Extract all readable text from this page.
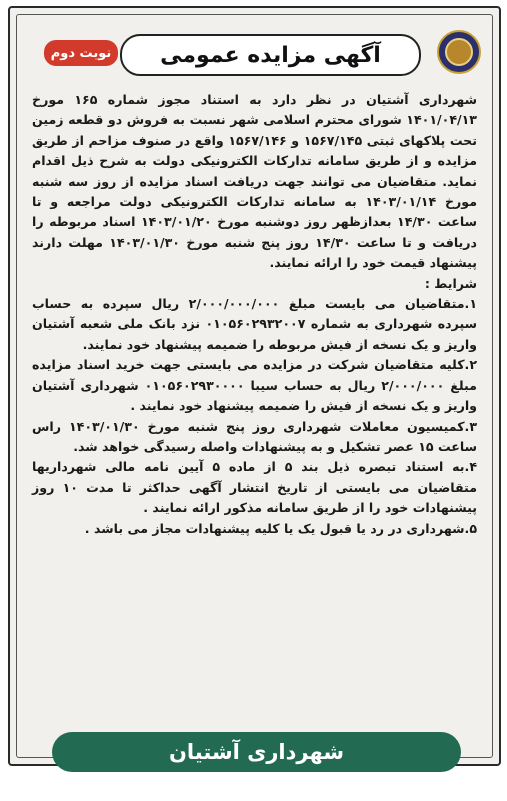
نوبت دوم	آگهی مزایده عمومی

شهرداری آشتیان در نظر دارد به استناد مجوز شماره ۱۶۵ مورخ ۱۴۰۱/۰۴/۱۳ شورای محترم اسلامی شهر نسبت به فروش دو قطعه زمین تحت پلاکهای ثبتی ۱۵۶۷/۱۴۵ و ۱۵۶۷/۱۴۶ واقع در صنوف مزاحم از طریق مزایده و از طریق سامانه تدارکات الکترونیکی دولت به شرح ذیل اقدام نماید. متقاضیان می توانند جهت دریافت اسناد مزایده از روز سه شنبه مورخ ۱۴۰۳/۰۱/۱۴ به سامانه تدارکات الکترونیکی دولت مراجعه و تا ساعت ۱۴/۳۰ بعدازظهر روز دوشنبه مورخ ۱۴۰۳/۰۱/۲۰ اسناد مربوطه را دریافت و تا ساعت ۱۴/۳۰ روز پنج شنبه مورخ ۱۴۰۳/۰۱/۳۰ مهلت دارند پیشنهاد قیمت خود را ارائه نمایند.

شرایط :

۱.متقاضیان می بایست مبلغ ۲/۰۰۰/۰۰۰/۰۰۰ ریال سپرده به حساب سپرده شهرداری به شماره ۰۱۰۵۶۰۲۹۳۲۰۰۷ نزد بانک ملی شعبه آشتیان واریز و یک نسخه از فیش مربوطه را ضمیمه پیشنهاد خود نمایند.

۲.کلیه متقاضیان شرکت در مزایده می بایستی جهت خرید اسناد مزایده مبلغ ۲/۰۰۰/۰۰۰ ریال به حساب سیبا ۰۱۰۵۶۰۲۹۳۰۰۰۰ شهرداری آشتیان واریز و یک نسخه از فیش را ضمیمه پیشنهاد خود نمایند .

۳.کمیسیون معاملات شهرداری روز پنج شنبه مورخ ۱۴۰۳/۰۱/۳۰ راس ساعت ۱۵ عصر تشکیل و به پیشنهادات واصله رسیدگی خواهد شد.

۴.به استناد تبصره ذیل بند ۵ از ماده ۵ آیین نامه مالی شهرداریها متقاضیان می بایستی از تاریخ انتشار آگهی حداکثر تا مدت ۱۰ روز پیشنهادات خود را از طریق سامانه مذکور ارائه نمایند .

۵.شهرداری در رد یا قبول یک یا کلیه پیشنهادات مجاز می باشد .

شهرداری آشتیان
